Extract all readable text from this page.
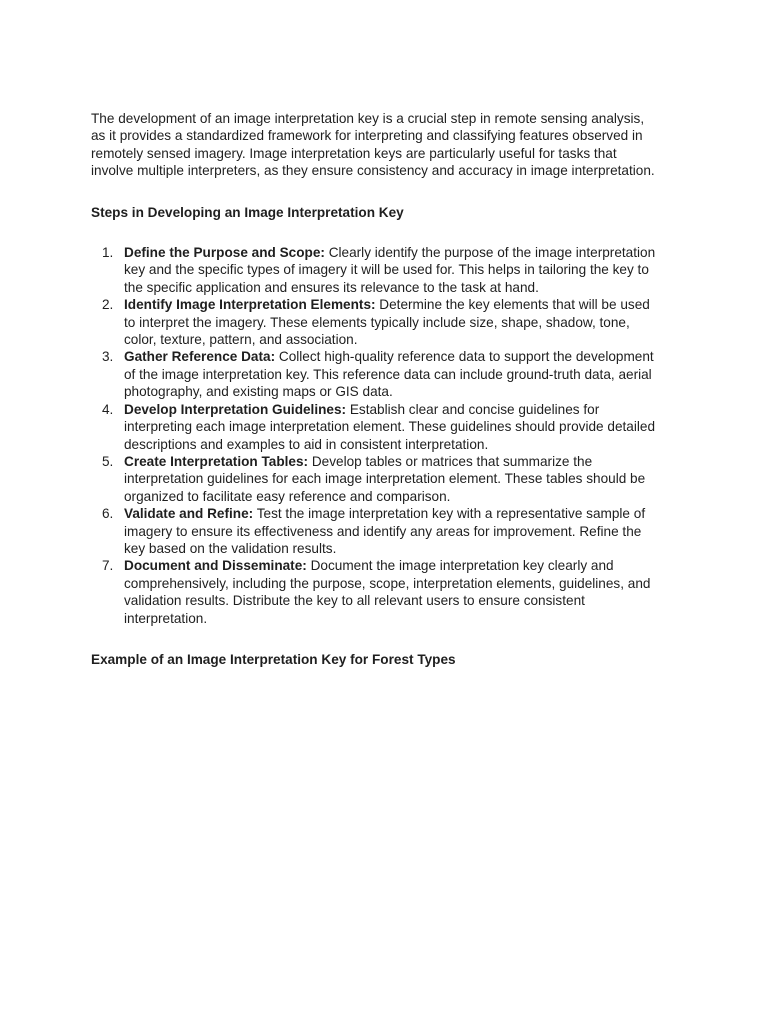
The development of an image interpretation key is a crucial step in remote sensing analysis, as it provides a standardized framework for interpreting and classifying features observed in remotely sensed imagery. Image interpretation keys are particularly useful for tasks that involve multiple interpreters, as they ensure consistency and accuracy in image interpretation.

Steps in Developing an Image Interpretation Key

1. Define the Purpose and Scope: Clearly identify the purpose of the image interpretation key and the specific types of imagery it will be used for. This helps in tailoring the key to the specific application and ensures its relevance to the task at hand.
2. Identify Image Interpretation Elements: Determine the key elements that will be used to interpret the imagery. These elements typically include size, shape, shadow, tone, color, texture, pattern, and association.
3. Gather Reference Data: Collect high-quality reference data to support the development of the image interpretation key. This reference data can include ground-truth data, aerial photography, and existing maps or GIS data.
4. Develop Interpretation Guidelines: Establish clear and concise guidelines for interpreting each image interpretation element. These guidelines should provide detailed descriptions and examples to aid in consistent interpretation.
5. Create Interpretation Tables: Develop tables or matrices that summarize the interpretation guidelines for each image interpretation element. These tables should be organized to facilitate easy reference and comparison.
6. Validate and Refine: Test the image interpretation key with a representative sample of imagery to ensure its effectiveness and identify any areas for improvement. Refine the key based on the validation results.
7. Document and Disseminate: Document the image interpretation key clearly and comprehensively, including the purpose, scope, interpretation elements, guidelines, and validation results. Distribute the key to all relevant users to ensure consistent interpretation.

Example of an Image Interpretation Key for Forest Types
